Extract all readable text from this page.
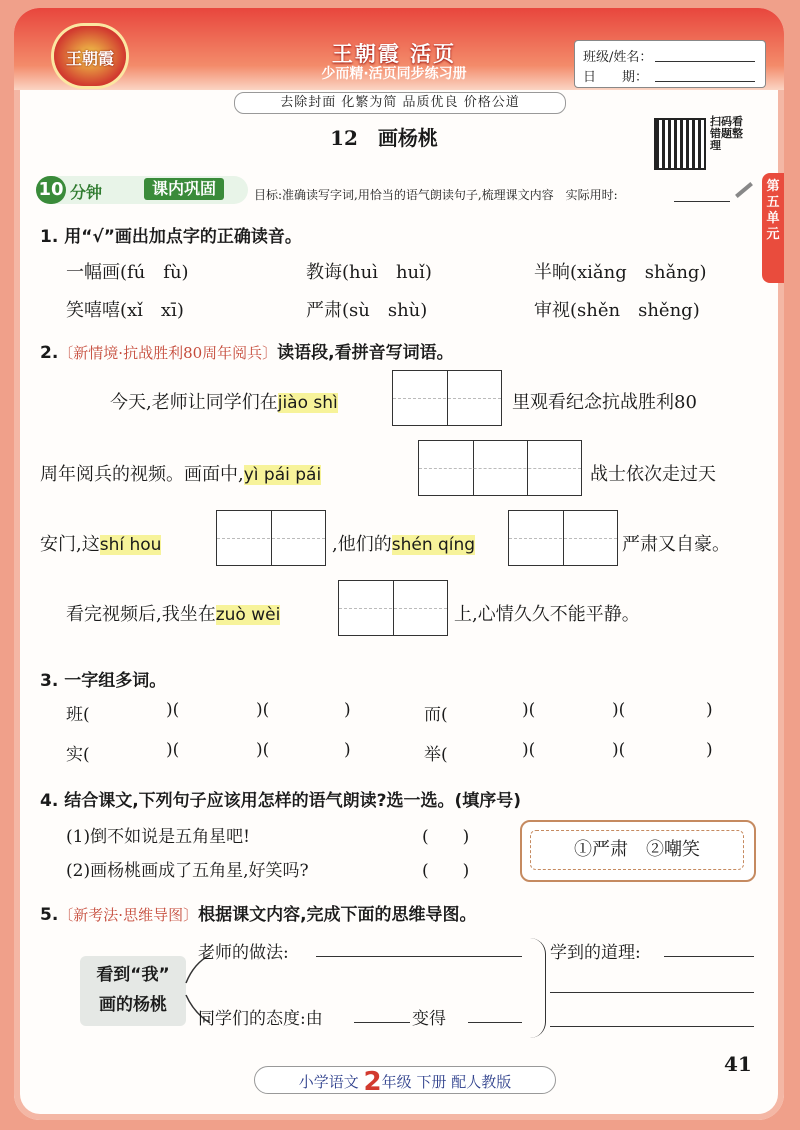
王朝霞	王朝霞 活页
少而精·活页同步练习册
去除封面 化繁为简 品质优良 价格公道
班级/姓名：
日　　期：
12　画杨桃
扫码看错题整理
第五单元
10 分钟	课内巩固	目标:准确读写字词,用恰当的语气朗读句子,梳理课文内容　实际用时:
1. 用“√”画出加点字的正确读音。
一幅画(fú　fù)	教诲(huì　huǐ)	半晌(xiǎng　shǎng)
笑嘻嘻(xǐ　xī)	严肃(sù　shù)	审视(shěn　shěng)
2.〔新情境·抗战胜利80周年阅兵〕读语段,看拼音写词语。
今天,老师让同学们在jiào shì	里观看纪念抗战胜利80
周年阅兵的视频。画面中,yì pái pái	战士依次走过天
安门,这shí hou	,他们的shén qíng	严肃又自豪。
看完视频后,我坐在zuò wèi	上,心情久久不能平静。
3. 一字组多词。
班(	)(	)(	)	而(	)(	)(	)
实(	)(	)(	)	举(	)(	)(	)
4. 结合课文,下列句子应该用怎样的语气朗读?选一选。(填序号)
(1)倒不如说是五角星吧!	(　　)
(2)画杨桃画成了五角星,好笑吗?	(　　)
①严肃　②嘲笑
5.〔新考法·思维导图〕根据课文内容,完成下面的思维导图。
看到“我”
画的杨桃
老师的做法:
同学们的态度:由	变得
学到的道理:
小学语文 2年级 下册 配人教版
41
